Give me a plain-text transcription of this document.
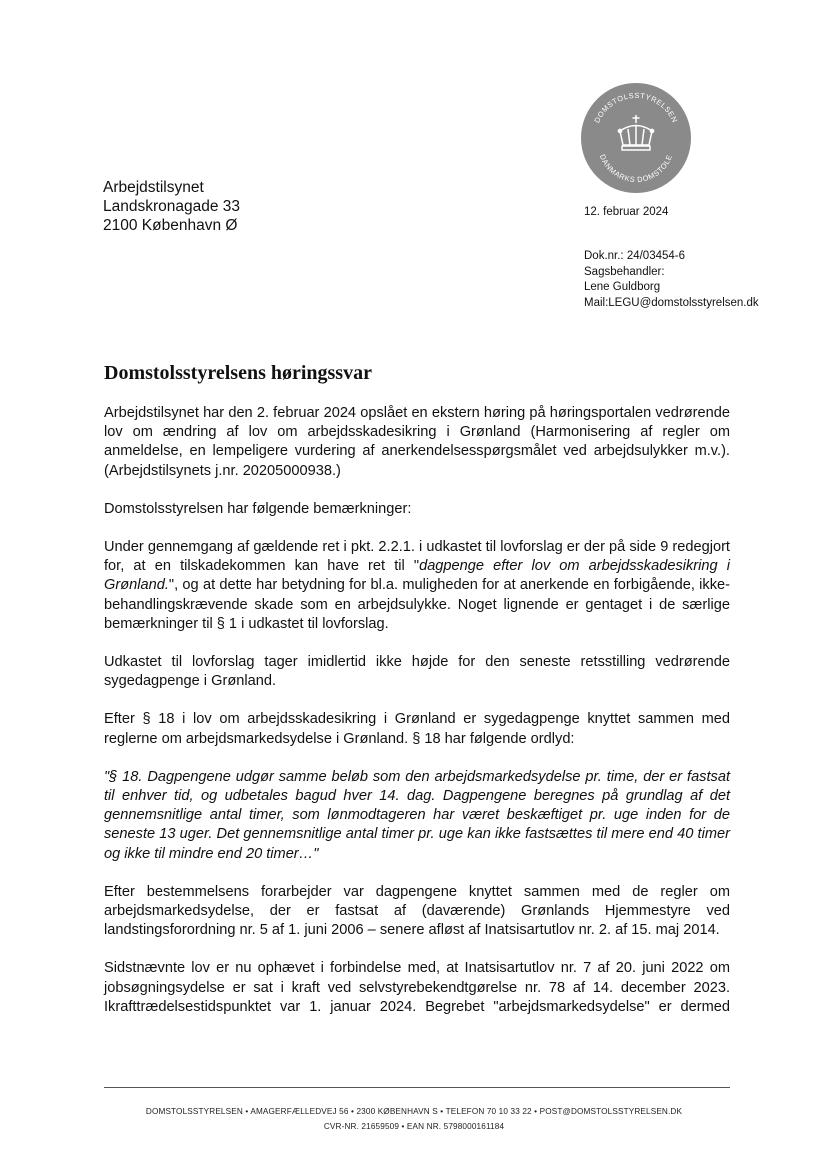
DOMSTOLSSTYRELSEN
DANMARKS DOMSTOLE
Arbejdstilsynet
Landskronagade 33
2100 København Ø
12. februar 2024
Dok.nr.: 24/03454-6
Sagsbehandler:
Lene Guldborg
Mail:LEGU@domstolsstyrelsen.dk
Domstolsstyrelsens høringssvar

Arbejdstilsynet har den 2. februar 2024 opslået en ekstern høring på høringsportalen vedrørende lov om ændring af lov om arbejdsskadesikring i Grønland (Harmonisering af regler om anmeldelse, en lempeligere vurdering af anerkendelsesspørgsmålet ved arbejdsulykker m.v.). (Arbejdstilsynets j.nr. 20205000938.)

Domstolsstyrelsen har følgende bemærkninger:

Under gennemgang af gældende ret i pkt. 2.2.1. i udkastet til lovforslag er der på side 9 redegjort for, at en tilskadekommen kan have ret til "dagpenge efter lov om arbejdsskadesikring i Grønland.", og at dette har betydning for bl.a. muligheden for at anerkende en forbigående, ikke-behandlingskrævende skade som en arbejdsulykke. Noget lignende er gentaget i de særlige bemærkninger til § 1 i udkastet til lovforslag.

Udkastet til lovforslag tager imidlertid ikke højde for den seneste retsstilling vedrørende sygedagpenge i Grønland.

Efter § 18 i lov om arbejdsskadesikring i Grønland er sygedagpenge knyttet sammen med reglerne om arbejdsmarkedsydelse i Grønland. § 18 har følgende ordlyd:

"§ 18. Dagpengene udgør samme beløb som den arbejdsmarkedsydelse pr. time, der er fastsat til enhver tid, og udbetales bagud hver 14. dag. Dagpengene beregnes på grundlag af det gennemsnitlige antal timer, som lønmodtageren har været beskæftiget pr. uge inden for de seneste 13 uger. Det gennemsnitlige antal timer pr. uge kan ikke fastsættes til mere end 40 timer og ikke til mindre end 20 timer…"

Efter bestemmelsens forarbejder var dagpengene knyttet sammen med de regler om arbejdsmarkedsydelse, der er fastsat af (daværende) Grønlands Hjemmestyre ved landstingsforordning nr. 5 af 1. juni 2006 – senere afløst af Inatsisartutlov nr. 2. af 15. maj 2014.

Sidstnævnte lov er nu ophævet i forbindelse med, at Inatsisartutlov nr. 7 af 20. juni 2022 om jobsøgningsydelse er sat i kraft ved selvstyrebekendtgørelse nr. 78 af 14. december 2023. Ikrafttrædelsestidspunktet var 1. januar 2024. Begrebet "arbejdsmarkedsydelse" er dermed

DOMSTOLSSTYRELSEN • AMAGERFÆLLEDVEJ 56 • 2300 KØBENHAVN S • TELEFON 70 10 33 22 • POST@DOMSTOLSSTYRELSEN.DK
CVR-NR. 21659509 • EAN NR. 5798000161184
